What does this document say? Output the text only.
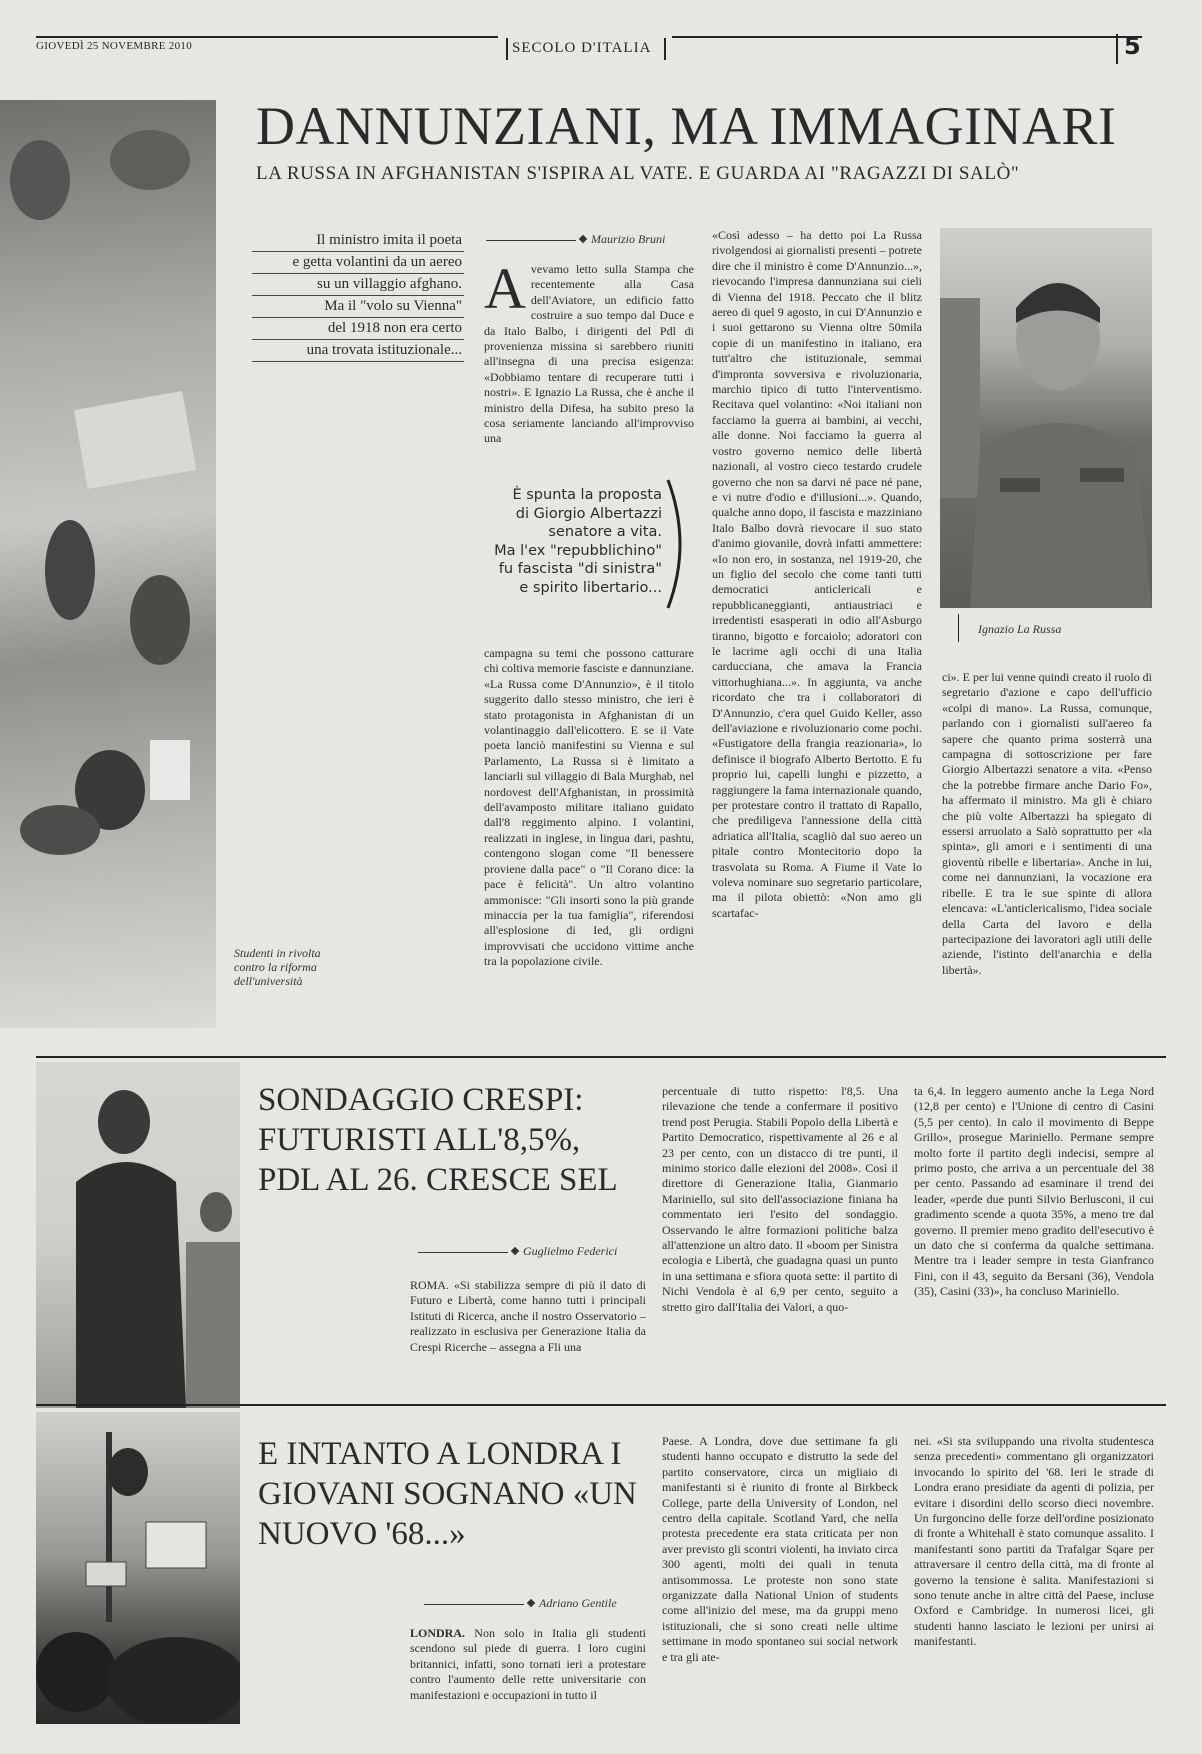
GIOVEDÌ 25 NOVEMBRE 2010	SECOLO D'ITALIA	5
Studenti in rivolta contro la riforma dell'università
DANNUNZIANI, MA IMMAGINARI
LA RUSSA IN AFGHANISTAN S'ISPIRA AL VATE. E GUARDA AI "RAGAZZI DI SALÒ"
Il ministro imita il poeta
e getta volantini da un aereo
su un villaggio afghano.
Ma il "volo su Vienna"
del 1918 non era certo
una trovata istituzionale...
Maurizio Bruni
Avevamo letto sulla Stampa che recentemente alla Casa dell'Aviatore, un edificio fatto costruire a suo tempo dal Duce e da Italo Balbo, i dirigenti del Pdl di provenienza missina si sarebbero riuniti all'insegna di una precisa esigenza: «Dobbiamo tentare di recuperare tutti i nostri». E Ignazio La Russa, che è anche il ministro della Difesa, ha subito preso la cosa seriamente lanciando all'improvviso una
È spunta la proposta
di Giorgio Albertazzi
senatore a vita.
Ma l'ex "repubblichino"
fu fascista "di sinistra"
e spirito libertario...
campagna su temi che possono catturare chi coltiva memorie fasciste e dannunziane. «La Russa come D'Annunzio», è il titolo suggerito dallo stesso ministro, che ieri è stato protagonista in Afghanistan di un volantinaggio dall'elicottero. E se il Vate poeta lanciò manifestini su Vienna e sul Parlamento, La Russa si è limitato a lanciarli sul villaggio di Bala Murghab, nel nordovest dell'Afghanistan, in prossimità dell'avamposto militare italiano guidato dall'8 reggimento alpino. I volantini, realizzati in inglese, in lingua dari, pashtu, contengono slogan come "Il benessere proviene dalla pace" o "Il Corano dice: la pace è felicità". Un altro volantino ammonisce: "Gli insorti sono la più grande minaccia per la tua famiglia", riferendosi all'esplosione di Ied, gli ordigni improvvisati che uccidono vittime anche tra la popolazione civile.
«Così adesso – ha detto poi La Russa rivolgendosi ai giornalisti presenti – potrete dire che il ministro è come D'Annunzio...», rievocando l'impresa dannunziana sui cieli di Vienna del 1918. Peccato che il blitz aereo di quel 9 agosto, in cui D'Annunzio e i suoi gettarono su Vienna oltre 50mila copie di un manifestino in italiano, era tutt'altro che istituzionale, semmai d'impronta sovversiva e rivoluzionaria, marchio tipico di tutto l'interventismo. Recitava quel volantino: «Noi italiani non facciamo la guerra ai bambini, ai vecchi, alle donne. Noi facciamo la guerra al vostro governo nemico delle libertà nazionali, al vostro cieco testardo crudele governo che non sa darvi né pace né pane, e vi nutre d'odio e d'illusioni...». Quando, qualche anno dopo, il fascista e mazziniano Italo Balbo dovrà rievocare il suo stato d'animo giovanile, dovrà infatti ammettere: «Io non ero, in sostanza, nel 1919-20, che un figlio del secolo che come tanti tutti democratici anticlericali e repubblicaneggianti, antiaustriaci e irredentisti esasperati in odio all'Asburgo tiranno, bigotto e forcaiolo; adoratori con le lacrime agli occhi di una Italia carducciana, che amava la Francia vittorhughiana...». In aggiunta, va anche ricordato che tra i collaboratori di D'Annunzio, c'era quel Guido Keller, asso dell'aviazione e rivoluzionario come pochi. «Fustigatore della frangia reazionaria», lo definisce il biografo Alberto Bertotto. E fu proprio lui, capelli lunghi e pizzetto, a raggiungere la fama internazionale quando, per protestare contro il trattato di Rapallo, che prediligeva l'annessione della città adriatica all'Italia, scagliò dal suo aereo un pitale contro Montecitorio dopo la trasvolata su Roma. A Fiume il Vate lo voleva nominare suo segretario particolare, ma il pilota obiettò: «Non amo gli scartafac-
Ignazio La Russa
ci». E per lui venne quindi creato il ruolo di segretario d'azione e capo dell'ufficio «colpi di mano». La Russa, comunque, parlando con i giornalisti sull'aereo fa sapere che quanto prima sosterrà una campagna di sottoscrizione per fare Giorgio Albertazzi senatore a vita. «Penso che la potrebbe firmare anche Dario Fo», ha affermato il ministro. Ma gli è chiaro che più volte Albertazzi ha spiegato di essersi arruolato a Salò soprattutto per «la spinta», gli amori e i sentimenti di una gioventù ribelle e libertaria». Anche in lui, come nei dannunziani, la vocazione era ribelle. E tra le sue spinte di allora elencava: «L'anticlericalismo, l'idea sociale della Carta del lavoro e della partecipazione dei lavoratori agli utili delle aziende, l'istinto dell'anarchia e della libertà».
SONDAGGIO CRESPI: FUTURISTI ALL'8,5%, PDL AL 26. CRESCE SEL
Guglielmo Federici
ROMA. «Si stabilizza sempre di più il dato di Futuro e Libertà, come hanno tutti i principali Istituti di Ricerca, anche il nostro Osservatorio – realizzato in esclusiva per Generazione Italia da Crespi Ricerche – assegna a Fli una
percentuale di tutto rispetto: l'8,5. Una rilevazione che tende a confermare il positivo trend post Perugia. Stabili Popolo della Libertà e Partito Democratico, rispettivamente al 26 e al 23 per cento, con un distacco di tre punti, il minimo storico dalle elezioni del 2008». Così il direttore di Generazione Italia, Gianmario Mariniello, sul sito dell'associazione finiana ha commentato ieri l'esito del sondaggio. Osservando le altre formazioni politiche balza all'attenzione un altro dato. Il «boom per Sinistra ecologia e Libertà, che guadagna quasi un punto in una settimana e sfiora quota sette: il partito di Nichi Vendola è al 6,9 per cento, seguito a stretto giro dall'Italia dei Valori, a quo-
ta 6,4. In leggero aumento anche la Lega Nord (12,8 per cento) e l'Unione di centro di Casini (5,5 per cento). In calo il movimento di Beppe Grillo», prosegue Mariniello. Permane sempre molto forte il partito degli indecisi, sempre al primo posto, che arriva a un percentuale del 38 per cento. Passando ad esaminare il trend dei leader, «perde due punti Silvio Berlusconi, il cui gradimento scende a quota 35%, a meno tre dal governo. Il premier meno gradito dell'esecutivo è un dato che si conferma da qualche settimana. Mentre tra i leader sempre in testa Gianfranco Fini, con il 43, seguito da Bersani (36), Vendola (35), Casini (33)», ha concluso Mariniello.
E INTANTO A LONDRA I GIOVANI SOGNANO «UN NUOVO '68...»
Adriano Gentile
LONDRA. Non solo in Italia gli studenti scendono sul piede di guerra. I loro cugini britannici, infatti, sono tornati ieri a protestare contro l'aumento delle rette universitarie con manifestazioni e occupazioni in tutto il
Paese. A Londra, dove due settimane fa gli studenti hanno occupato e distrutto la sede del partito conservatore, circa un migliaio di manifestanti si è riunito di fronte al Birkbeck College, parte della University of London, nel centro della capitale. Scotland Yard, che nella protesta precedente era stata criticata per non aver previsto gli scontri violenti, ha inviato circa 300 agenti, molti dei quali in tenuta antisommossa. Le proteste non sono state organizzate dalla National Union of students come all'inizio del mese, ma da gruppi meno istituzionali, che si sono creati nelle ultime settimane in modo spontaneo sui social network e tra gli ate-
nei. «Si sta sviluppando una rivolta studentesca senza precedenti» commentano gli organizzatori invocando lo spirito del '68. Ieri le strade di Londra erano presidiate da agenti di polizia, per evitare i disordini dello scorso dieci novembre. Un furgoncino delle forze dell'ordine posizionato di fronte a Whitehall è stato comunque assalito. I manifestanti sono partiti da Trafalgar Sqare per attraversare il centro della città, ma di fronte al governo la tensione è salita. Manifestazioni si sono tenute anche in altre città del Paese, incluse Oxford e Cambridge. In numerosi licei, gli studenti hanno lasciato le lezioni per unirsi ai manifestanti.
